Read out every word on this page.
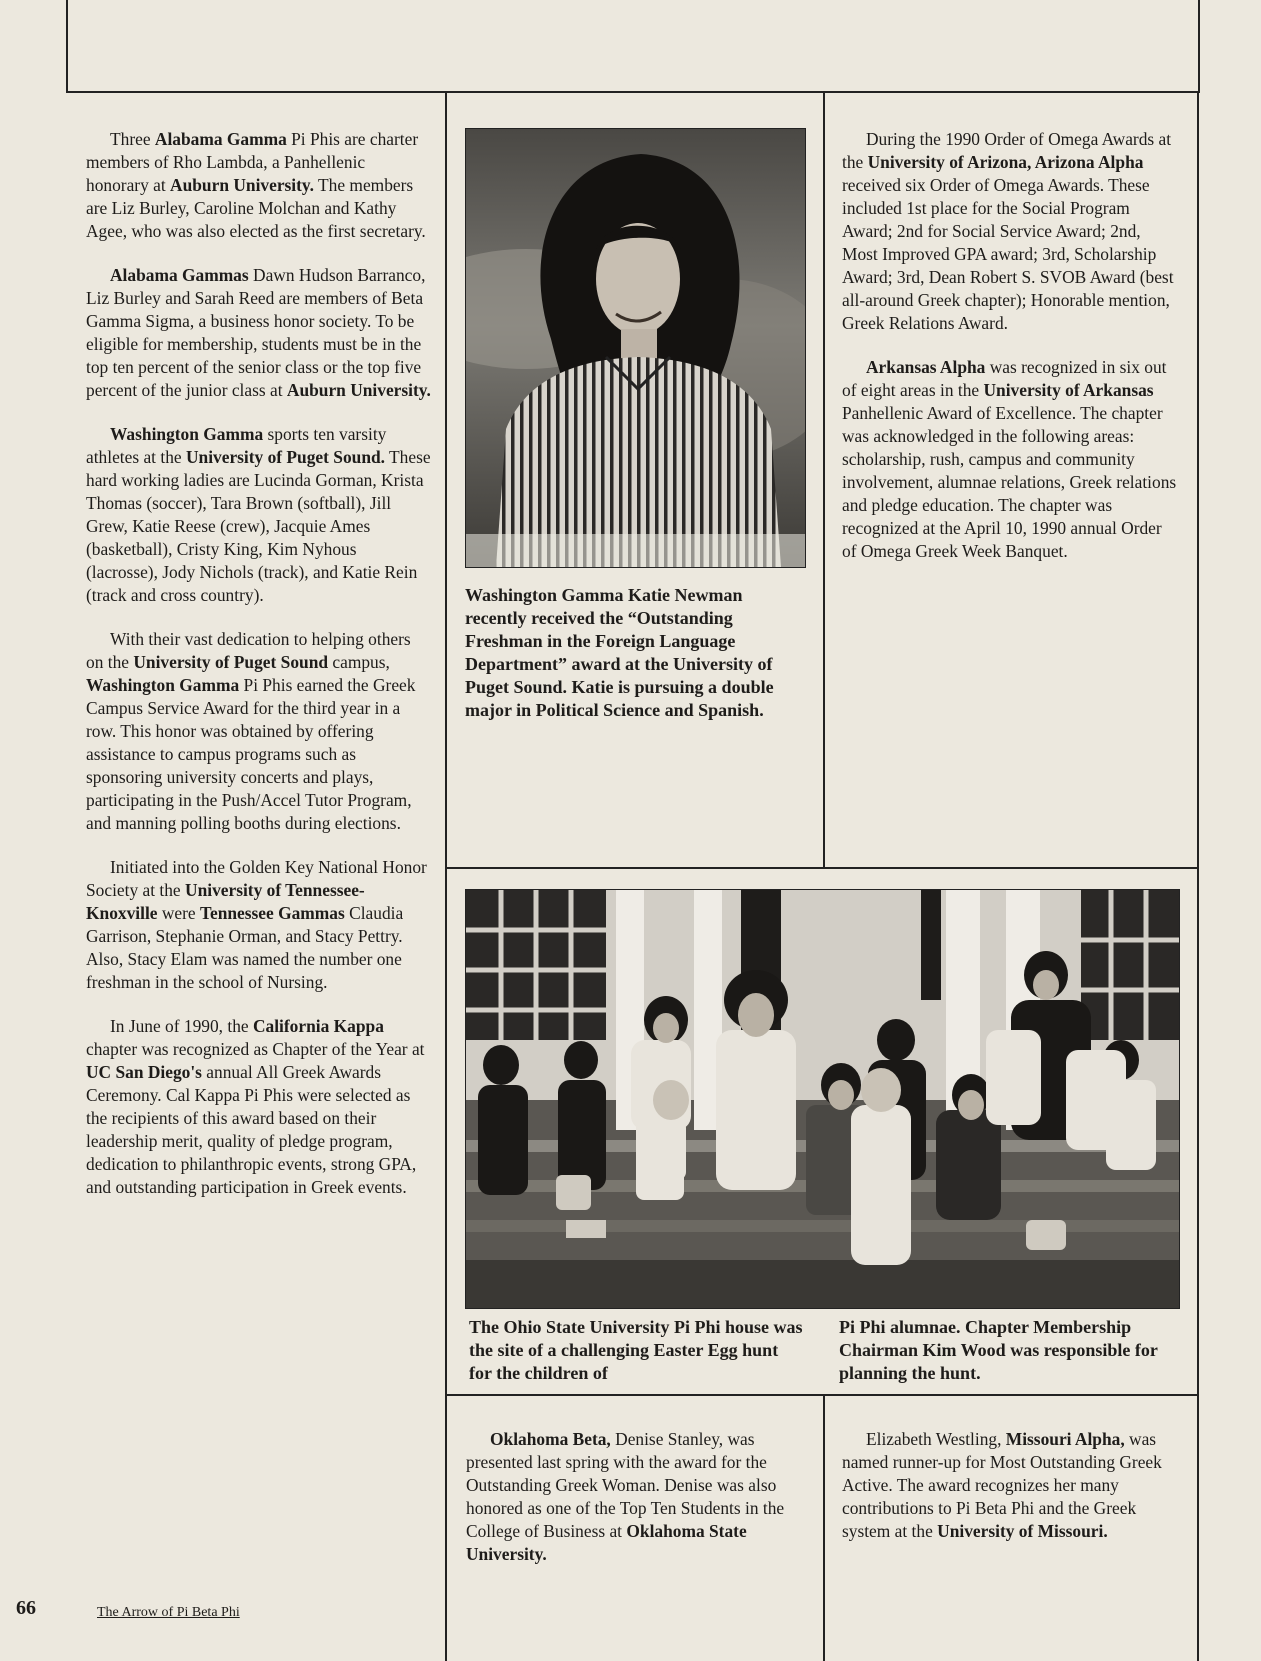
Three Alabama Gamma Pi Phis are charter members of Rho Lambda, a Panhellenic honorary at Auburn University. The members are Liz Burley, Caroline Molchan and Kathy Agee, who was also elected as the first secretary.

Alabama Gammas Dawn Hudson Barranco, Liz Burley and Sarah Reed are members of Beta Gamma Sigma, a business honor society. To be eligible for membership, students must be in the top ten percent of the senior class or the top five percent of the junior class at Auburn University.

Washington Gamma sports ten varsity athletes at the University of Puget Sound. These hard working ladies are Lucinda Gorman, Krista Thomas (soccer), Tara Brown (softball), Jill Grew, Katie Reese (crew), Jacquie Ames (basketball), Cristy King, Kim Nyhous (lacrosse), Jody Nichols (track), and Katie Rein (track and cross country).

With their vast dedication to helping others on the University of Puget Sound campus, Washington Gamma Pi Phis earned the Greek Campus Service Award for the third year in a row. This honor was obtained by offering assistance to campus programs such as sponsoring university concerts and plays, participating in the Push/Accel Tutor Program, and manning polling booths during elections.

Initiated into the Golden Key National Honor Society at the University of Tennessee-Knoxville were Tennessee Gammas Claudia Garrison, Stephanie Orman, and Stacy Pettry. Also, Stacy Elam was named the number one freshman in the school of Nursing.

In June of 1990, the California Kappa chapter was recognized as Chapter of the Year at UC San Diego's annual All Greek Awards Ceremony. Cal Kappa Pi Phis were selected as the recipients of this award based on their leadership merit, quality of pledge program, dedication to philanthropic events, strong GPA, and outstanding participation in Greek events.

Washington Gamma Katie Newman recently received the “Outstanding Freshman in the Foreign Language Department” award at the University of Puget Sound. Katie is pursuing a double major in Political Science and Spanish.

During the 1990 Order of Omega Awards at the University of Arizona, Arizona Alpha received six Order of Omega Awards. These included 1st place for the Social Program Award; 2nd for Social Service Award; 2nd, Most Improved GPA award; 3rd, Scholarship Award; 3rd, Dean Robert S. SVOB Award (best all-around Greek chapter); Honorable mention, Greek Relations Award.

Arkansas Alpha was recognized in six out of eight areas in the University of Arkansas Panhellenic Award of Excellence. The chapter was acknowledged in the following areas: scholarship, rush, campus and community involvement, alumnae relations, Greek relations and pledge education. The chapter was recognized at the April 10, 1990 annual Order of Omega Greek Week Banquet.

The Ohio State University Pi Phi house was the site of a challenging Easter Egg hunt for the children of
Pi Phi alumnae. Chapter Membership Chairman Kim Wood was responsible for planning the hunt.

Oklahoma Beta, Denise Stanley, was presented last spring with the award for the Outstanding Greek Woman. Denise was also honored as one of the Top Ten Students in the College of Business at Oklahoma State University.

Elizabeth Westling, Missouri Alpha, was named runner-up for Most Outstanding Greek Active. The award recognizes her many contributions to Pi Beta Phi and the Greek system at the University of Missouri.

66	The Arrow of Pi Beta Phi
